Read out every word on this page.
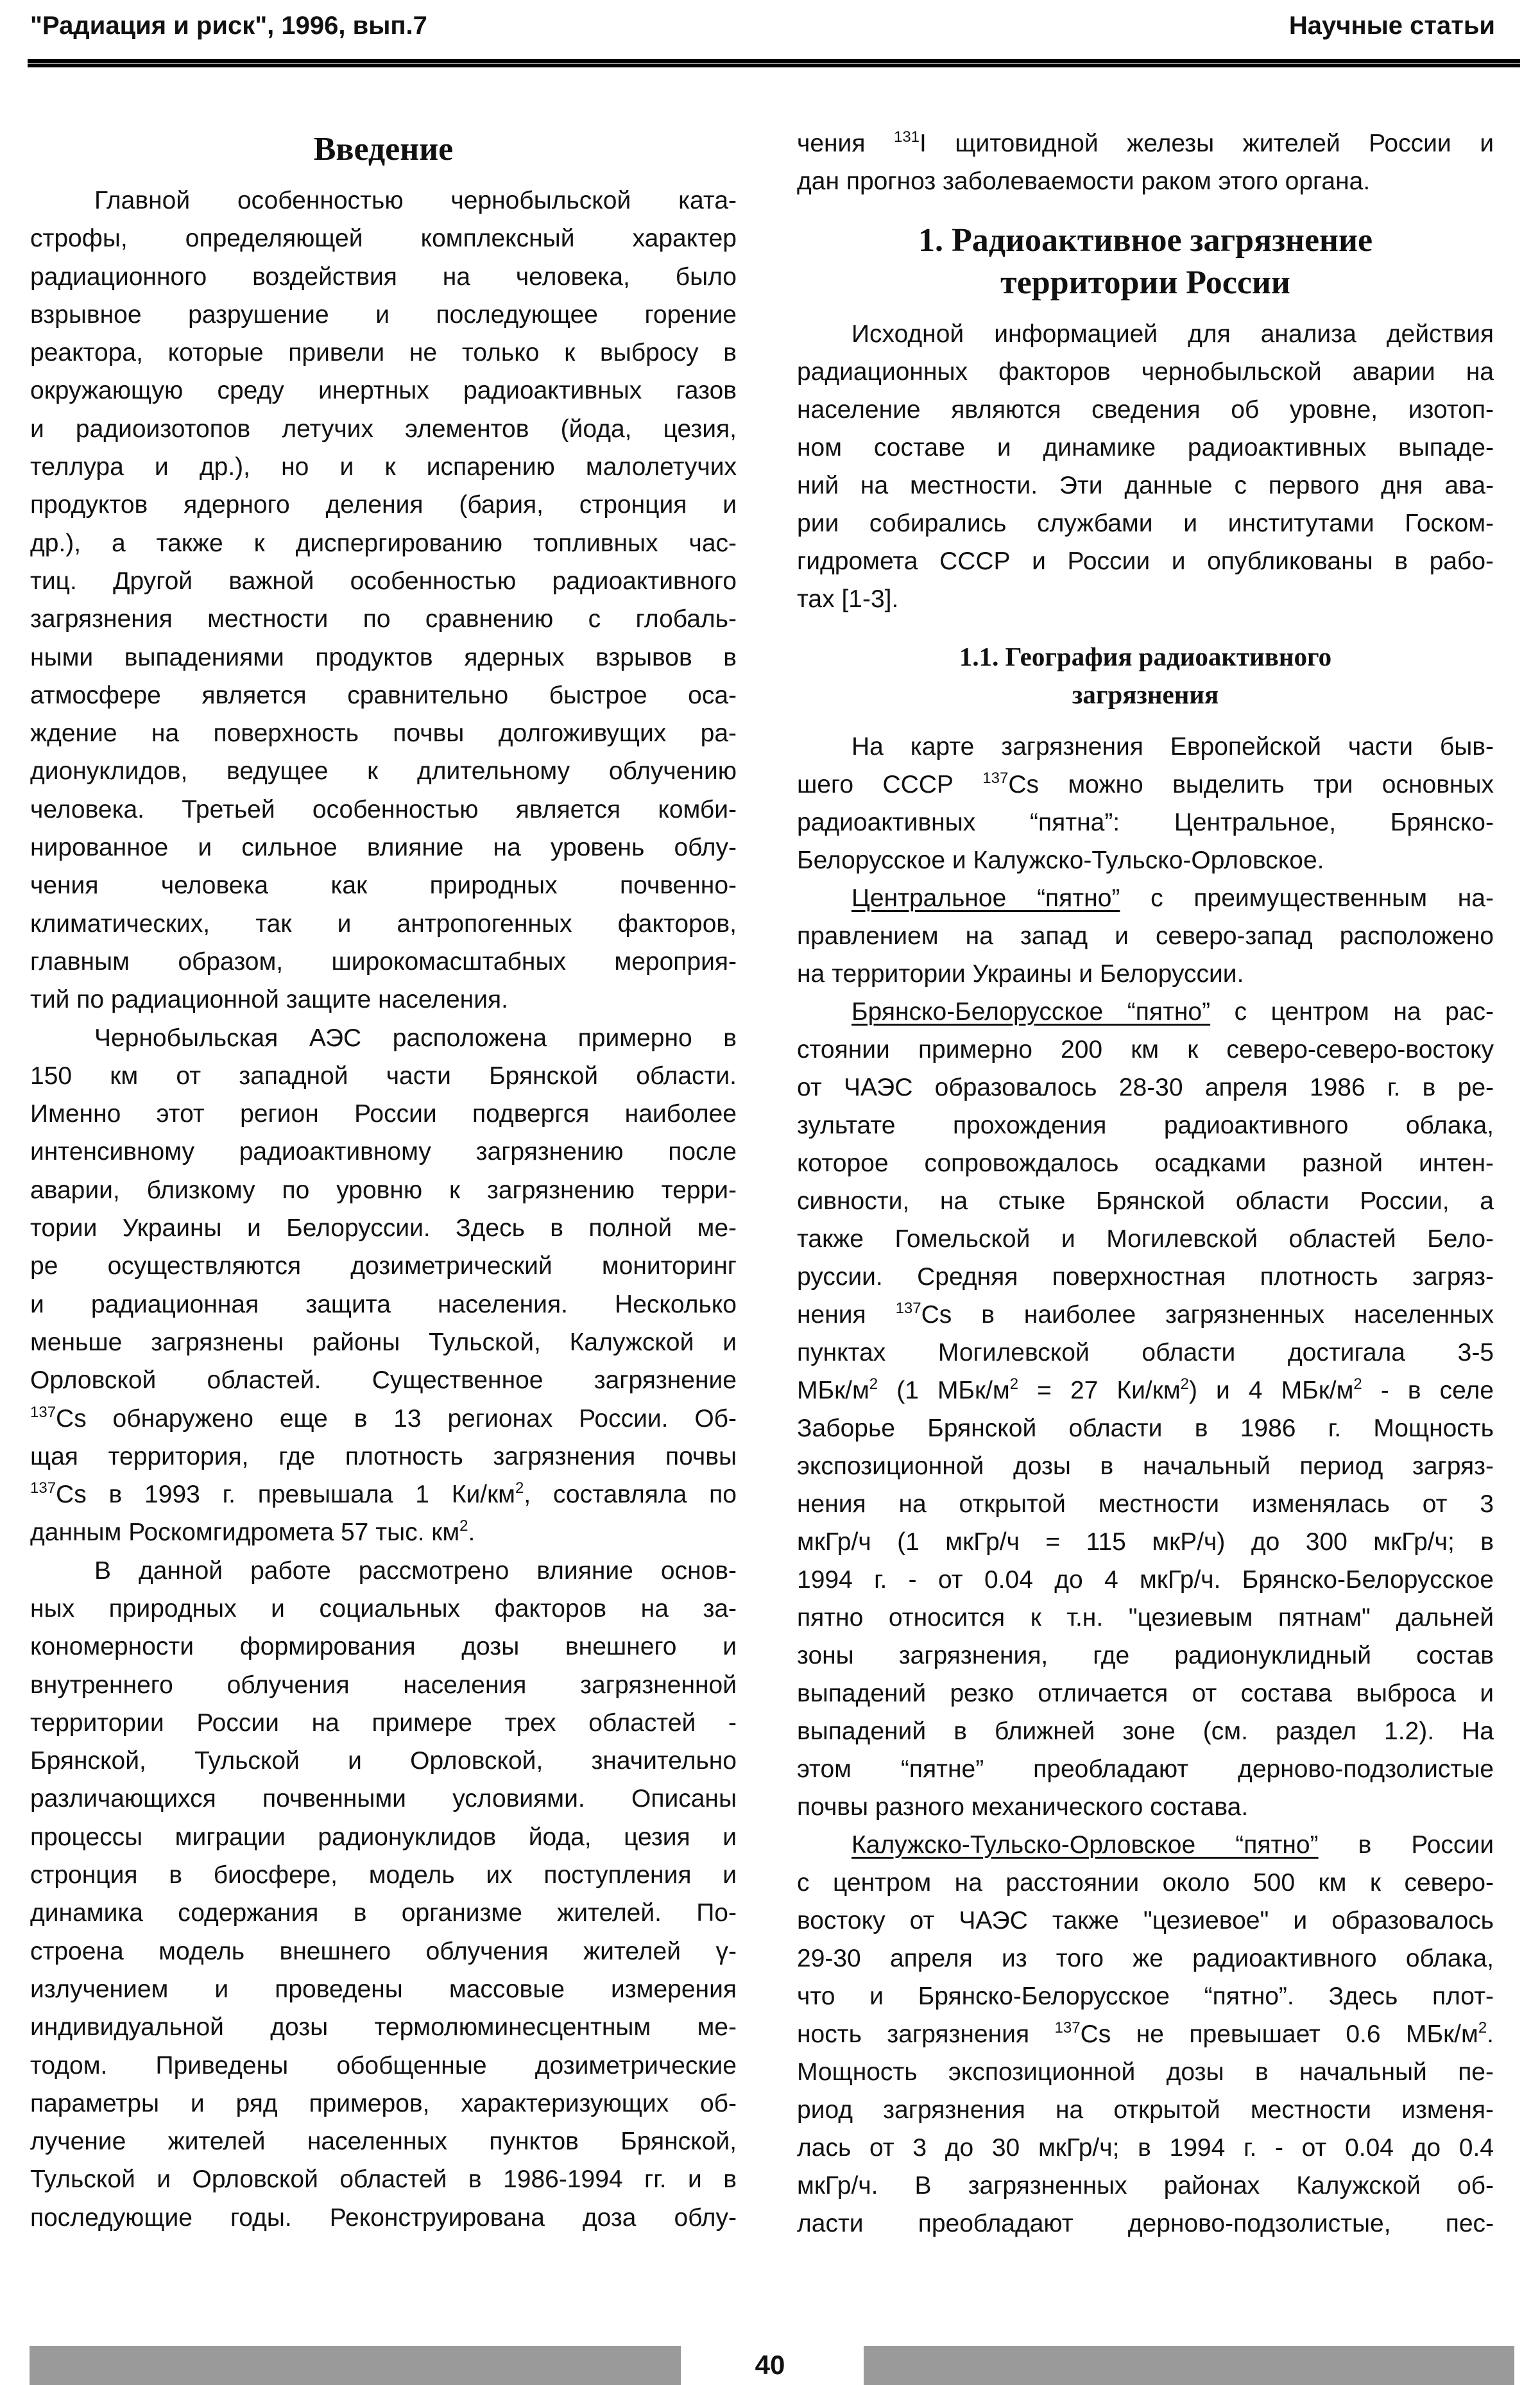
"Радиация и риск", 1996, вып.7	Научные статьи
Введение
Главной особенностью чернобыльской ката-
строфы, определяющей комплексный характер
радиационного воздействия на человека, было
взрывное разрушение и последующее горение
реактора, которые привели не только к выбросу в
окружающую среду инертных радиоактивных газов
и радиоизотопов летучих элементов (йода, цезия,
теллура и др.), но и к испарению малолетучих
продуктов ядерного деления (бария, стронция и
др.), а также к диспергированию топливных час-
тиц. Другой важной особенностью радиоактивного
загрязнения местности по сравнению с глобаль-
ными выпадениями продуктов ядерных взрывов в
атмосфере является сравнительно быстрое оса-
ждение на поверхность почвы долгоживущих ра-
дионуклидов, ведущее к длительному облучению
человека. Третьей особенностью является комби-
нированное и сильное влияние на уровень облу-
чения человека как природных почвенно-
климатических, так и антропогенных факторов,
главным образом, широкомасштабных мероприя-
тий по радиационной защите населения.
Чернобыльская АЭС расположена примерно в
150 км от западной части Брянской области.
Именно этот регион России подвергся наиболее
интенсивному радиоактивному загрязнению после
аварии, близкому по уровню к загрязнению терри-
тории Украины и Белоруссии. Здесь в полной ме-
ре осуществляются дозиметрический мониторинг
и радиационная защита населения. Несколько
меньше загрязнены районы Тульской, Калужской и
Орловской областей. Существенное загрязнение
$^{137}$Cs обнаружено еще в 13 регионах России. Об-
щая территория, где плотность загрязнения почвы
$^{137}$Cs в 1993 г. превышала 1 $Ки/км^2$, составляла по
данным Роскомгидромета 57 тыс. $км^2$.
В данной работе рассмотрено влияние основ-
ных природных и социальных факторов на за-
кономерности формирования дозы внешнего и
внутреннего облучения населения загрязненной
территории России на примере трех областей -
Брянской, Тульской и Орловской, значительно
различающихся почвенными условиями. Описаны
процессы миграции радионуклидов йода, цезия и
стронция в биосфере, модель их поступления и
динамика содержания в организме жителей. По-
строена модель внешнего облучения жителей γ-
излучением и проведены массовые измерения
индивидуальной дозы термолюминесцентным ме-
тодом. Приведены обобщенные дозиметрические
параметры и ряд примеров, характеризующих об-
лучение жителей населенных пунктов Брянской,
Тульской и Орловской областей в 1986-1994 гг. и в
последующие годы. Реконструирована доза облу-
чения $^{131}$I щитовидной железы жителей России и
дан прогноз заболеваемости раком этого органа.
1. Радиоактивное загрязнение
территории России
Исходной информацией для анализа действия
радиационных факторов чернобыльской аварии на
население являются сведения об уровне, изотоп-
ном составе и динамике радиоактивных выпаде-
ний на местности. Эти данные с первого дня ава-
рии собирались службами и институтами Госком-
гидромета СССР и России и опубликованы в рабо-
тах [1-3].
1.1. География радиоактивного
загрязнения
На карте загрязнения Европейской части быв-
шего СССР $^{137}$Cs можно выделить три основных
радиоактивных “пятна”: Центральное, Брянско-
Белорусское и Калужско-Тульско-Орловское.
Центральное “пятно” с преимущественным на-
правлением на запад и северо-запад расположено
на территории Украины и Белоруссии.
Брянско-Белорусское “пятно” с центром на рас-
стоянии примерно 200 км к северо-северо-востоку
от ЧАЭС образовалось 28-30 апреля 1986 г. в ре-
зультате прохождения радиоактивного облака,
которое сопровождалось осадками разной интен-
сивности, на стыке Брянской области России, а
также Гомельской и Могилевской областей Бело-
руссии. Средняя поверхностная плотность загряз-
нения $^{137}$Cs в наиболее загрязненных населенных
пунктах Могилевской области достигала 3-5
МБк/$м^2$ (1 МБк/$м^2 = 27$ $Ки/км^2$) и 4 МБк/$м^2$ - в селе
Заборье Брянской области в 1986 г. Мощность
экспозиционной дозы в начальный период загряз-
нения на открытой местности изменялась от 3
мкГр/ч (1 мкГр/ч = 115 мкР/ч) до 300 мкГр/ч; в
1994 г. - от 0.04 до 4 мкГр/ч. Брянско-Белорусское
пятно относится к т.н. "цезиевым пятнам" дальней
зоны загрязнения, где радионуклидный состав
выпадений резко отличается от состава выброса и
выпадений в ближней зоне (см. раздел 1.2). На
этом “пятне” преобладают дерново-подзолистые
почвы разного механического состава.
Калужско-Тульско-Орловское “пятно” в России
с центром на расстоянии около 500 км к северо-
востоку от ЧАЭС также "цезиевое" и образовалось
29-30 апреля из того же радиоактивного облака,
что и Брянско-Белорусское “пятно”. Здесь плот-
ность загрязнения $^{137}$Cs не превышает 0.6 МБк/$м^2$.
Мощность экспозиционной дозы в начальный пе-
риод загрязнения на открытой местности изменя-
лась от 3 до 30 мкГр/ч; в 1994 г. - от 0.04 до 0.4
мкГр/ч. В загрязненных районах Калужской об-
ласти преобладают дерново-подзолистые, пес-
40
